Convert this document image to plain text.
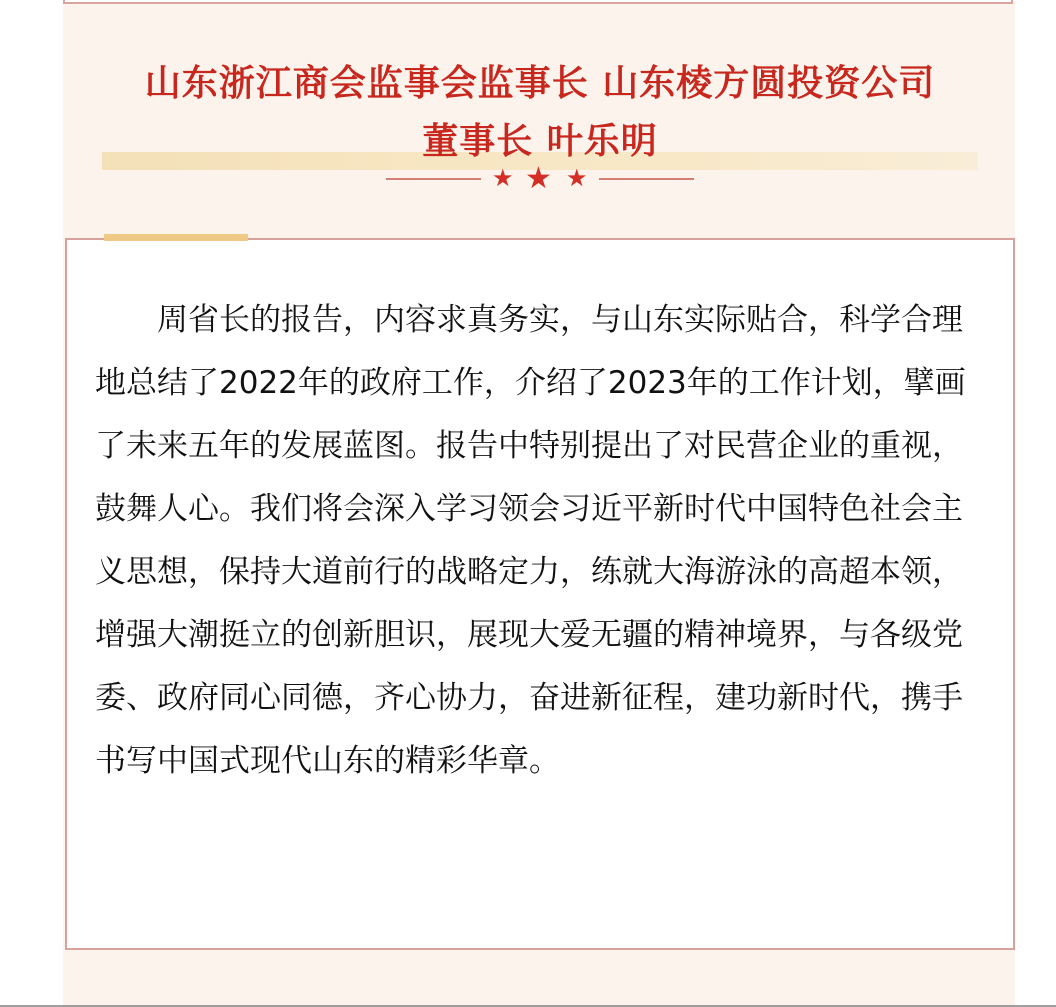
山东浙江商会监事会监事长 山东棱方圆投资公司
董事长 叶乐明
★ ★ ★

周省长的报告，内容求真务实，与山东实际贴合，科学合理地总结了2022年的政府工作，介绍了2023年的工作计划，擘画了未来五年的发展蓝图。报告中特别提出了对民营企业的重视，鼓舞人心。我们将会深入学习领会习近平新时代中国特色社会主义思想，保持大道前行的战略定力，练就大海游泳的高超本领，增强大潮挺立的创新胆识，展现大爱无疆的精神境界，与各级党委、政府同心同德，齐心协力，奋进新征程，建功新时代，携手书写中国式现代山东的精彩华章。
